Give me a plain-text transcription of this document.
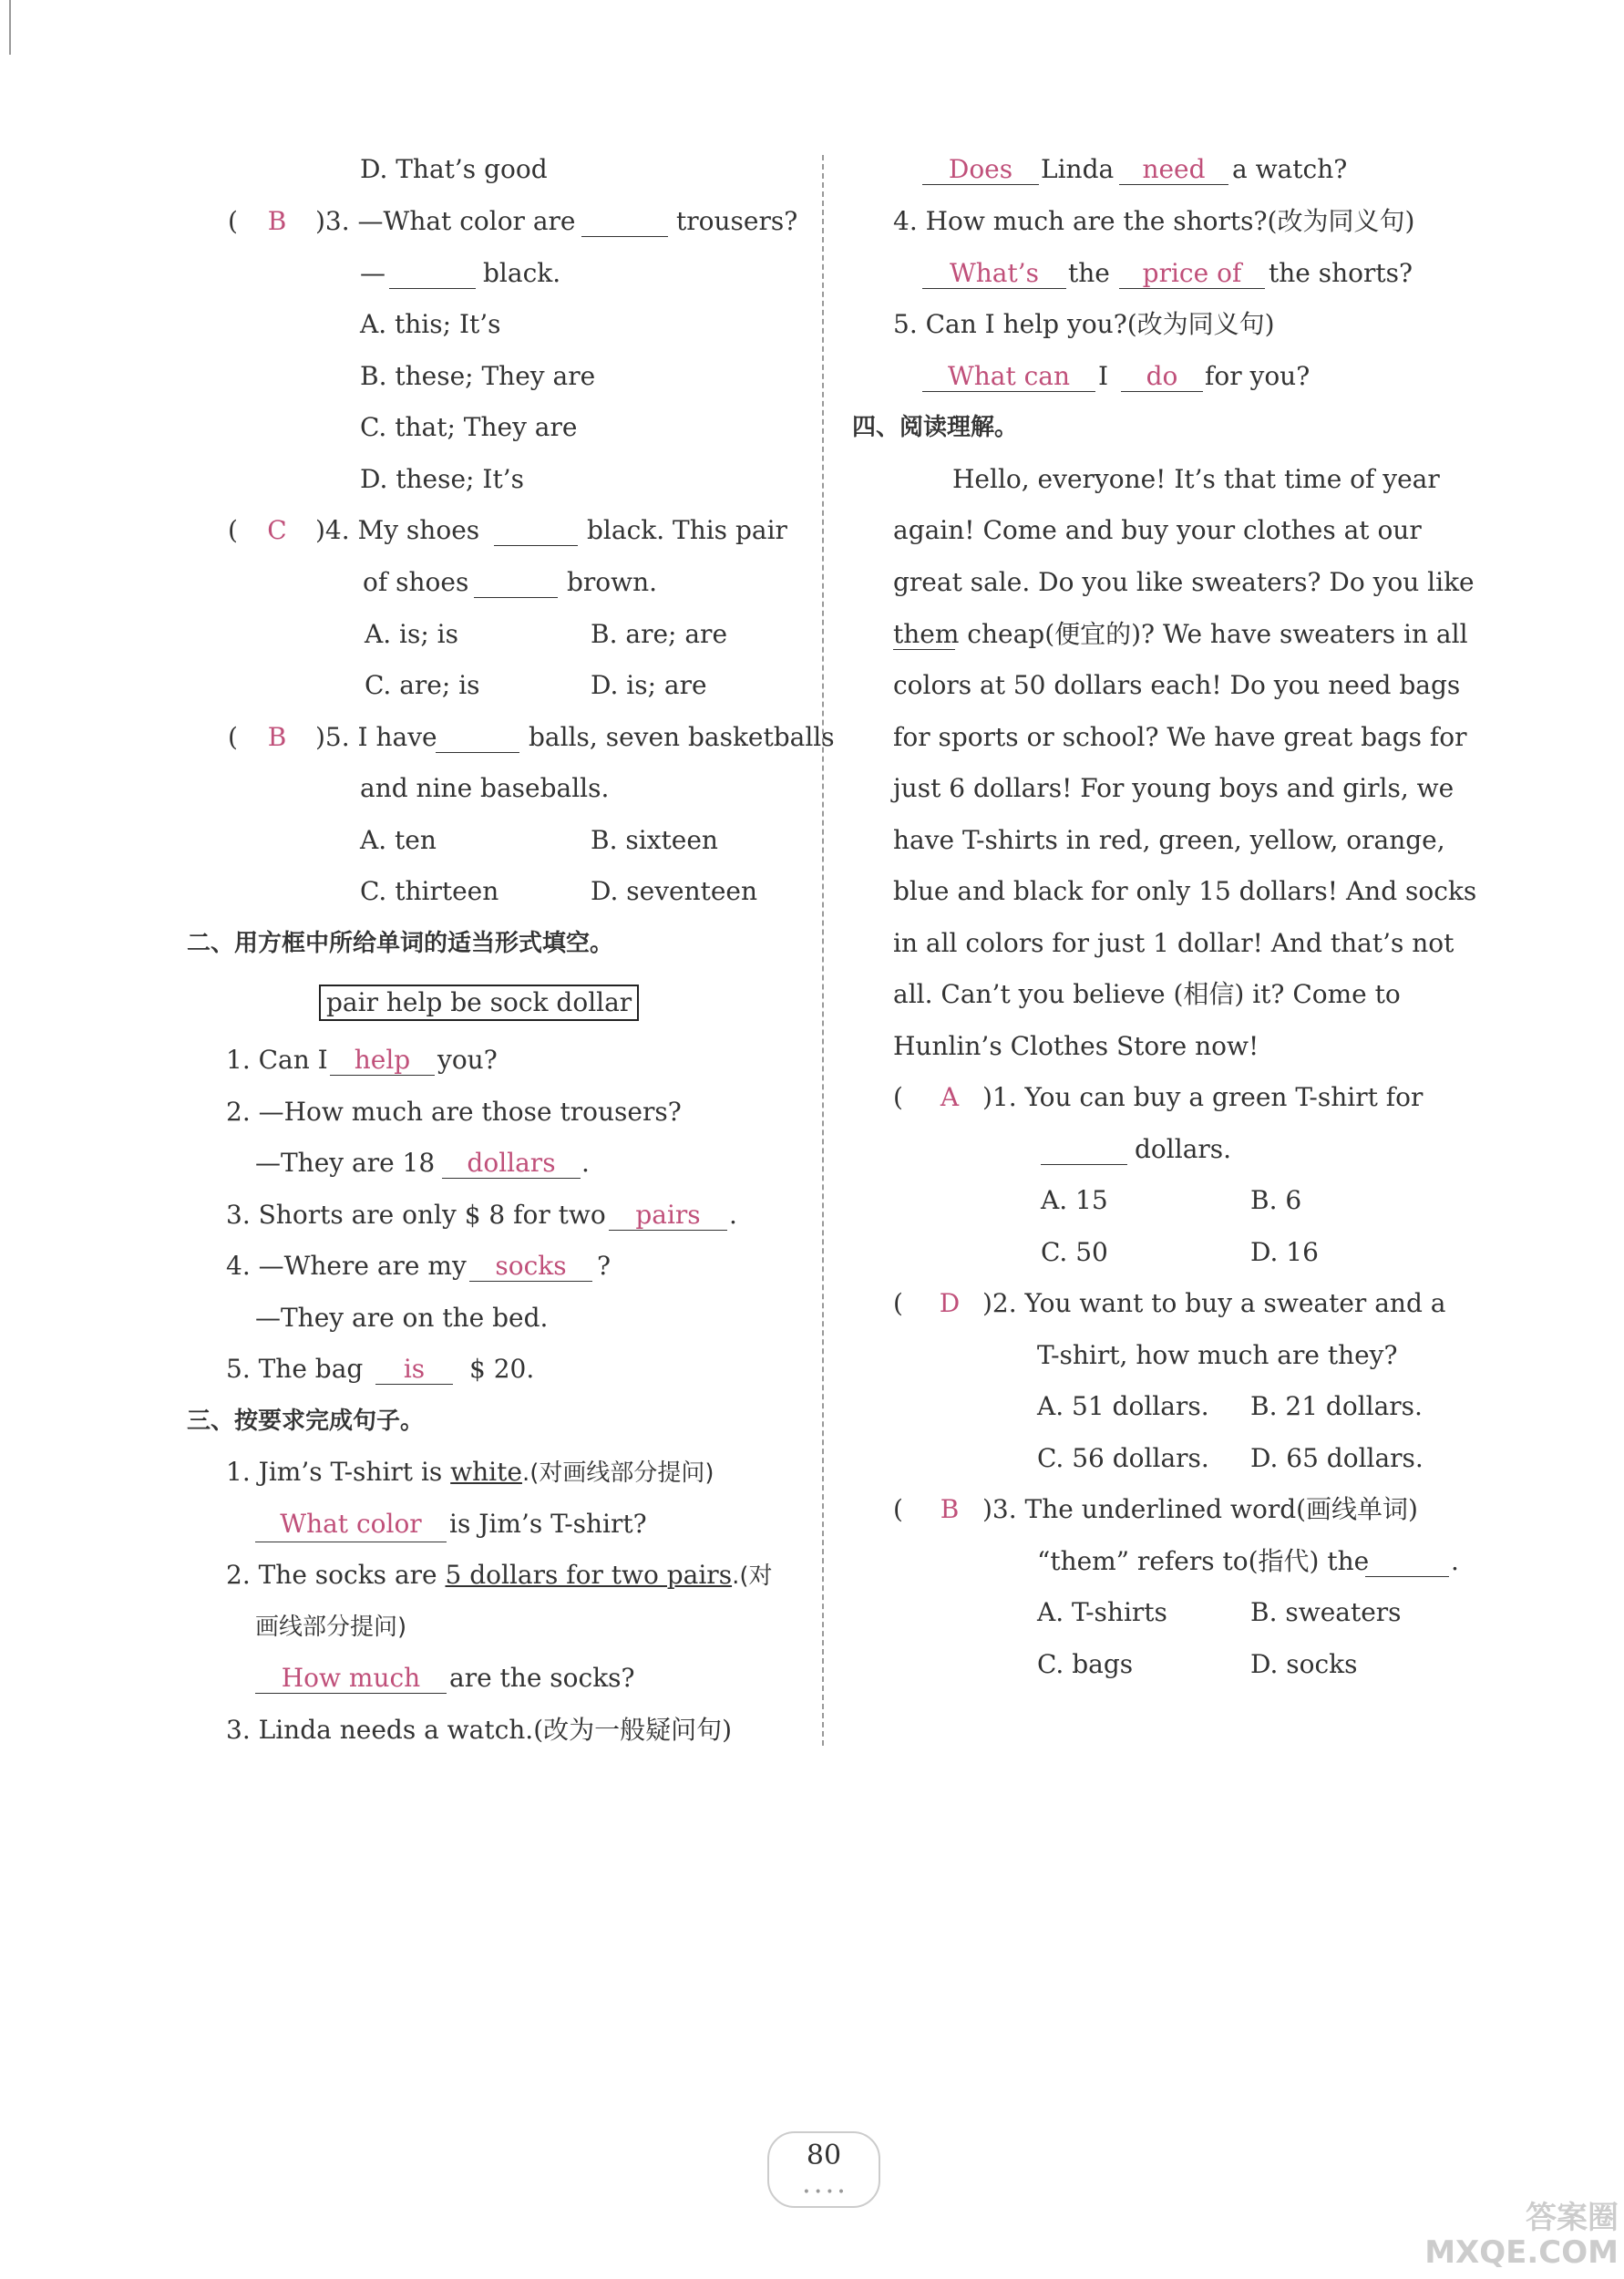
D. That’s good
(	B	)3. —What color are	trousers?
—	black.
A. this; It’s
B. these; They are
C. that; They are
D. these; It’s
(	C	)4. My shoes	black. This pair
of shoes	brown.
A. is; is	B. are; are
C. are; is	D. is; are
(	B	)5. I have	balls, seven basketballs
and nine baseballs.
A. ten	B. sixteen
C. thirteen	D. seventeen
二、用方框中所给单词的适当形式填空。
pair help be sock dollar
1. Can I	help	you?
2. —How much are those trousers?
—They are 18	dollars	.
3. Shorts are only $ 8 for two	pairs	.
4. —Where are my	socks	?
—They are on the bed.
5. The bag	is	$ 20.
三、按要求完成句子。
1. Jim’s T-shirt is white.(对画线部分提问)
What color	is Jim’s T-shirt?
2. The socks are 5 dollars for two pairs.(对
画线部分提问)
How much	are the socks?
3. Linda needs a watch.(改为一般疑问句)
Does	Linda	need	a watch?
4. How much are the shorts?(改为同义句)
What’s	the	price of	the shorts?
5. Can I help you?(改为同义句)
What can	I	do	for you?
四、阅读理解。
Hello, everyone! It’s that time of year
again! Come and buy your clothes at our
great sale. Do you like sweaters? Do you like
them cheap(便宜的)? We have sweaters in all
colors at 50 dollars each! Do you need bags
for sports or school? We have great bags for
just 6 dollars! For young boys and girls, we
have T-shirts in red, green, yellow, orange,
blue and black for only 15 dollars! And socks
in all colors for just 1 dollar! And that’s not
all. Can’t you believe (相信) it? Come to
Hunlin’s Clothes Store now!
(	A )1. You can buy a green T-shirt for
dollars.
A. 15	B. 6
C. 50	D. 16
(	D )2. You want to buy a sweater and a
T-shirt, how much are they?
A. 51 dollars. B. 21 dollars.
C. 56 dollars. D. 65 dollars.
(	B )3. The underlined word(画线单词)
“them” refers to(指代) the	.
A. T-shirts	B. sweaters
C. bags	D. socks
80
• • • •
答案圈
MXQE.COM
